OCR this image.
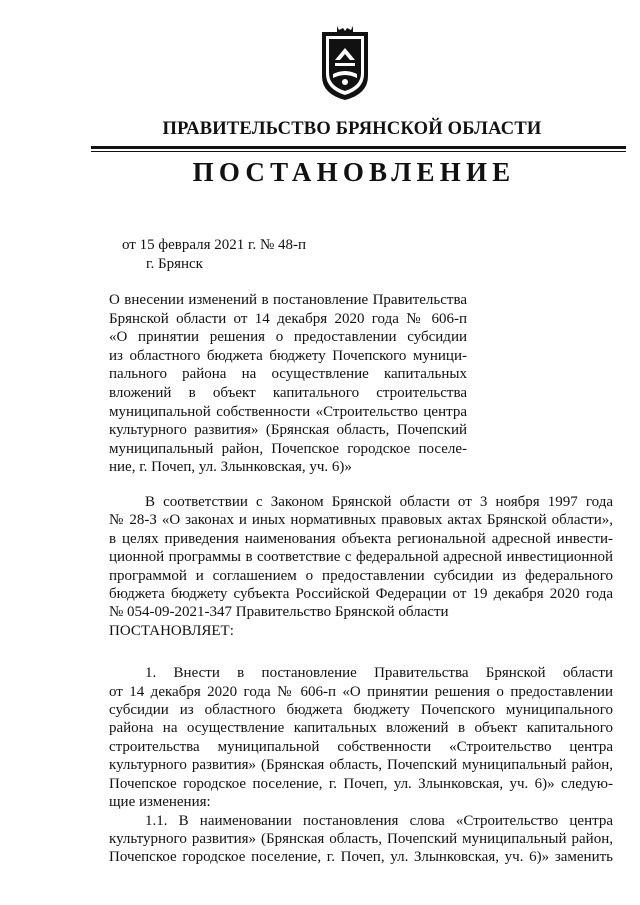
ПРАВИТЕЛЬСТВО БРЯНСКОЙ ОБЛАСТИ
ПОСТАНОВЛЕНИЕ
от 15 февраля 2021 г. № 48-п
г. Брянск
О внесении изменений в постановление Правительства
Брянской области от 14 декабря 2020 года № 606-п
«О принятии решения о предоставлении субсидии
из областного бюджета бюджету Почепского муници-
пального района на осуществление капитальных
вложений в объект капитального строительства
муниципальной собственности «Строительство центра
культурного развития» (Брянская область, Почепский
муниципальный район, Почепское городское поселе-
ние, г. Почеп, ул. Злынковская, уч. 6)»
В соответствии с Законом Брянской области от 3 ноября 1997 года
№ 28-З «О законах и иных нормативных правовых актах Брянской области»,
в целях приведения наименования объекта региональной адресной инвести-
ционной программы в соответствие с федеральной адресной инвестиционной
программой и соглашением о предоставлении субсидии из федерального
бюджета бюджету субъекта Российской Федерации от 19 декабря 2020 года
№ 054-09-2021-347 Правительство Брянской области
ПОСТАНОВЛЯЕТ:
1. Внести в постановление Правительства Брянской области
от 14 декабря 2020 года № 606-п «О принятии решения о предоставлении
субсидии из областного бюджета бюджету Почепского муниципального
района на осуществление капитальных вложений в объект капитального
строительства муниципальной собственности «Строительство центра
культурного развития» (Брянская область, Почепский муниципальный район,
Почепское городское поселение, г. Почеп, ул. Злынковская, уч. 6)» следую-
щие изменения:
1.1. В наименовании постановления слова «Строительство центра
культурного развития» (Брянская область, Почепский муниципальный район,
Почепское городское поселение, г. Почеп, ул. Злынковская, уч. 6)» заменить
